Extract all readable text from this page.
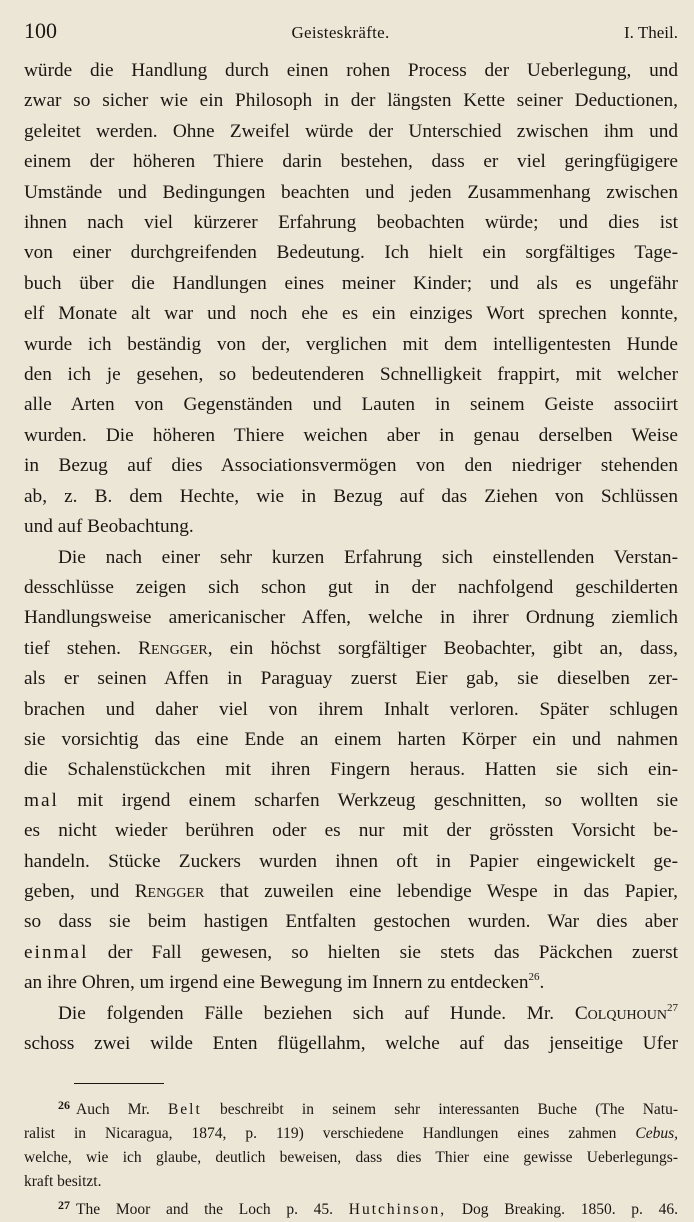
100	Geisteskräfte.	I. Theil.
würde die Handlung durch einen rohen Process der Ueberlegung, und
zwar so sicher wie ein Philosoph in der längsten Kette seiner Deductionen,
geleitet werden. Ohne Zweifel würde der Unterschied zwischen ihm und
einem der höheren Thiere darin bestehen, dass er viel geringfügigere
Umstände und Bedingungen beachten und jeden Zusammenhang zwischen
ihnen nach viel kürzerer Erfahrung beobachten würde; und dies ist
von einer durchgreifenden Bedeutung. Ich hielt ein sorgfältiges Tage-
buch über die Handlungen eines meiner Kinder; und als es ungefähr
elf Monate alt war und noch ehe es ein einziges Wort sprechen konnte,
wurde ich beständig von der, verglichen mit dem intelligentesten Hunde
den ich je gesehen, so bedeutenderen Schnelligkeit frappirt, mit welcher
alle Arten von Gegenständen und Lauten in seinem Geiste associirt
wurden. Die höheren Thiere weichen aber in genau derselben Weise
in Bezug auf dies Associationsvermögen von den niedriger stehenden
ab, z. B. dem Hechte, wie in Bezug auf das Ziehen von Schlüssen
und auf Beobachtung.
Die nach einer sehr kurzen Erfahrung sich einstellenden Verstan-
desschlüsse zeigen sich schon gut in der nachfolgend geschilderten
Handlungsweise americanischer Affen, welche in ihrer Ordnung ziemlich
tief stehen. Rengger, ein höchst sorgfältiger Beobachter, gibt an, dass,
als er seinen Affen in Paraguay zuerst Eier gab, sie dieselben zer-
brachen und daher viel von ihrem Inhalt verloren. Später schlugen
sie vorsichtig das eine Ende an einem harten Körper ein und nahmen
die Schalenstückchen mit ihren Fingern heraus. Hatten sie sich ein-
mal mit irgend einem scharfen Werkzeug geschnitten, so wollten sie
es nicht wieder berühren oder es nur mit der grössten Vorsicht be-
handeln. Stücke Zuckers wurden ihnen oft in Papier eingewickelt ge-
geben, und Rengger that zuweilen eine lebendige Wespe in das Papier,
so dass sie beim hastigen Entfalten gestochen wurden. War dies aber
einmal der Fall gewesen, so hielten sie stets das Päckchen zuerst
an ihre Ohren, um irgend eine Bewegung im Innern zu entdecken$^{26}$.
Die folgenden Fälle beziehen sich auf Hunde. Mr. Colquhoun$^{27}$
schoss zwei wilde Enten flügellahm, welche auf das jenseitige Ufer
$^{26}$ Auch Mr. Belt beschreibt in seinem sehr interessanten Buche (The Natu-
ralist in Nicaragua, 1874, p. 119) verschiedene Handlungen eines zahmen Cebus,
welche, wie ich glaube, deutlich beweisen, dass dies Thier eine gewisse Ueberlegungs-
kraft besitzt.
$^{27}$ The Moor and the Loch p. 45. Hutchinson, Dog Breaking. 1850. p. 46.
